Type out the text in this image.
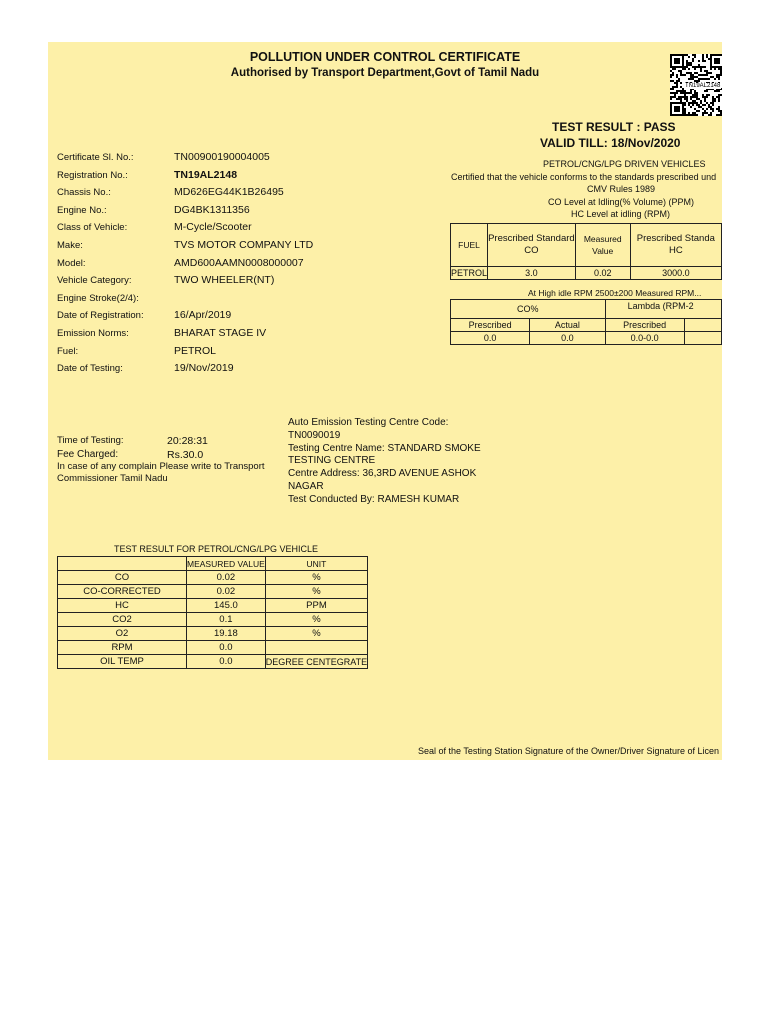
POLLUTION UNDER CONTROL CERTIFICATE
Authorised by Transport Department,Govt of Tamil Nadu
TN19AL2148
TEST RESULT : PASS
VALID TILL: 18/Nov/2020
Certificate Sl. No.:	TN00900190004005
Registration No.:	TN19AL2148
Chassis No.:	MD626EG44K1B26495
Engine No.:	DG4BK1311356
Class of Vehicle:	M-Cycle/Scooter
Make:	TVS MOTOR COMPANY LTD
Model:	AMD600AAMN0008000007
Vehicle Category:	TWO WHEELER(NT)
Engine Stroke(2/4):
Date of Registration:	16/Apr/2019
Emission Norms:	BHARAT STAGE IV
Fuel:	PETROL
Date of Testing:	19/Nov/2019
PETROL/CNG/LPG DRIVEN VEHICLES
Certified that the vehicle conforms to the standards prescribed und
CMV Rules 1989
CO Level at Idling(% Volume) (PPM)
HC Level at idling (RPM)
FUEL	Prescribed Standard CO	Measured Value	Prescribed Standa HC
PETROL	3.0	0.02	3000.0
At High idle RPM 2500±200 Measured RPM...
CO%		Lambda (RPM-2	
Prescribed	Actual	Prescribed	
0.0	0.0	0.0-0.0	
Time of Testing:	20:28:31
Fee Charged:	Rs.30.0
In case of any complain Please write to Transport Commissioner Tamil Nadu
Auto Emission Testing Centre Code: TN0090019
Testing Centre Name: STANDARD SMOKE TESTING CENTRE
Centre Address: 36,3RD AVENUE ASHOK NAGAR
Test Conducted By: RAMESH KUMAR
TEST RESULT FOR PETROL/CNG/LPG VEHICLE
	MEASURED VALUE	UNIT
CO	0.02	%
CO-CORRECTED	0.02	%
HC	145.0	PPM
CO2	0.1	%
O2	19.18	%
RPM	0.0	
OIL TEMP	0.0	DEGREE CENTEGRATE
Seal of the Testing Station Signature of the Owner/Driver Signature of Licen
